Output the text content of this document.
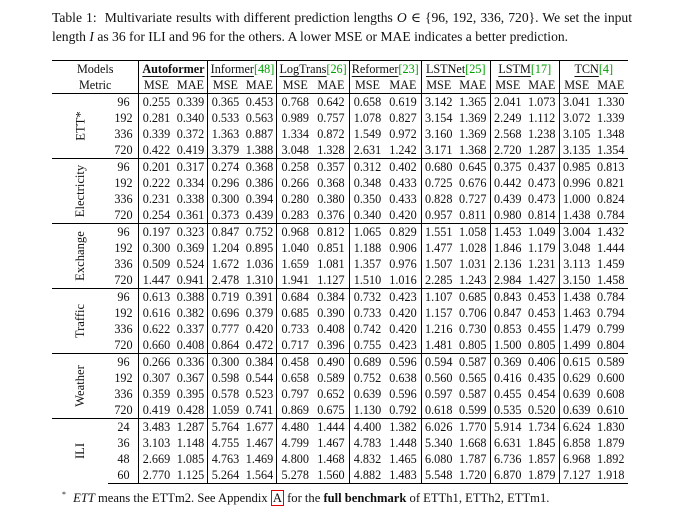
Table 1: Multivariate results with different prediction lengths O ∈ {96, 192, 336, 720}. We set the input length I as 36 for ILI and 96 for the others. A lower MSE or MAE indicates a better prediction.
Models		Autoformer		Informer[48]		LogTrans[26]		Reformer[23]		LSTNet[25]		LSTM[17]		TCN[4]	
Metric		MSE	MAE	MSE	MAE	MSE	MAE	MSE	MAE	MSE	MAE	MSE	MAE	MSE	MAE
ETT*	96	0.255	0.339	0.365	0.453	0.768	0.642	0.658	0.619	3.142	1.365	2.041	1.073	3.041	1.330
	192	0.281	0.340	0.533	0.563	0.989	0.757	1.078	0.827	3.154	1.369	2.249	1.112	3.072	1.339
	336	0.339	0.372	1.363	0.887	1.334	0.872	1.549	0.972	3.160	1.369	2.568	1.238	3.105	1.348
	720	0.422	0.419	3.379	1.388	3.048	1.328	2.631	1.242	3.171	1.368	2.720	1.287	3.135	1.354
Electricity	96	0.201	0.317	0.274	0.368	0.258	0.357	0.312	0.402	0.680	0.645	0.375	0.437	0.985	0.813
	192	0.222	0.334	0.296	0.386	0.266	0.368	0.348	0.433	0.725	0.676	0.442	0.473	0.996	0.821
	336	0.231	0.338	0.300	0.394	0.280	0.380	0.350	0.433	0.828	0.727	0.439	0.473	1.000	0.824
	720	0.254	0.361	0.373	0.439	0.283	0.376	0.340	0.420	0.957	0.811	0.980	0.814	1.438	0.784
Exchange	96	0.197	0.323	0.847	0.752	0.968	0.812	1.065	0.829	1.551	1.058	1.453	1.049	3.004	1.432
	192	0.300	0.369	1.204	0.895	1.040	0.851	1.188	0.906	1.477	1.028	1.846	1.179	3.048	1.444
	336	0.509	0.524	1.672	1.036	1.659	1.081	1.357	0.976	1.507	1.031	2.136	1.231	3.113	1.459
	720	1.447	0.941	2.478	1.310	1.941	1.127	1.510	1.016	2.285	1.243	2.984	1.427	3.150	1.458
Traffic	96	0.613	0.388	0.719	0.391	0.684	0.384	0.732	0.423	1.107	0.685	0.843	0.453	1.438	0.784
	192	0.616	0.382	0.696	0.379	0.685	0.390	0.733	0.420	1.157	0.706	0.847	0.453	1.463	0.794
	336	0.622	0.337	0.777	0.420	0.733	0.408	0.742	0.420	1.216	0.730	0.853	0.455	1.479	0.799
	720	0.660	0.408	0.864	0.472	0.717	0.396	0.755	0.423	1.481	0.805	1.500	0.805	1.499	0.804
Weather	96	0.266	0.336	0.300	0.384	0.458	0.490	0.689	0.596	0.594	0.587	0.369	0.406	0.615	0.589
	192	0.307	0.367	0.598	0.544	0.658	0.589	0.752	0.638	0.560	0.565	0.416	0.435	0.629	0.600
	336	0.359	0.395	0.578	0.523	0.797	0.652	0.639	0.596	0.597	0.587	0.455	0.454	0.639	0.608
	720	0.419	0.428	1.059	0.741	0.869	0.675	1.130	0.792	0.618	0.599	0.535	0.520	0.639	0.610
ILI	24	3.483	1.287	5.764	1.677	4.480	1.444	4.400	1.382	6.026	1.770	5.914	1.734	6.624	1.830
	36	3.103	1.148	4.755	1.467	4.799	1.467	4.783	1.448	5.340	1.668	6.631	1.845	6.858	1.879
	48	2.669	1.085	4.763	1.469	4.800	1.468	4.832	1.465	6.080	1.787	6.736	1.857	6.968	1.892
	60	2.770	1.125	5.264	1.564	5.278	1.560	4.882	1.483	5.548	1.720	6.870	1.879	7.127	1.918
* ETT means the ETTm2. See Appendix A for the full benchmark of ETTh1, ETTh2, ETTm1.
